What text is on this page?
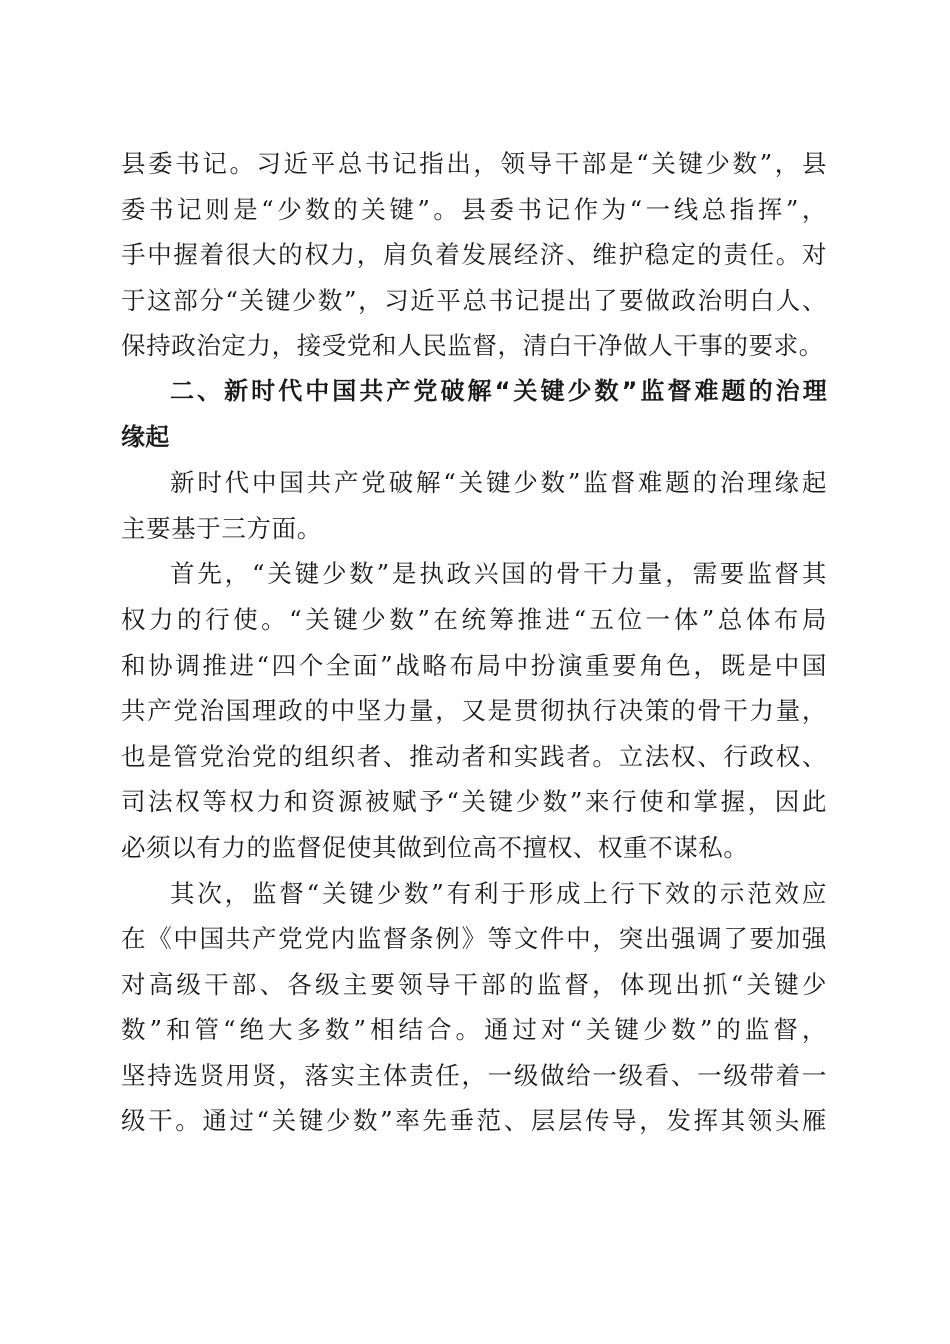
县委书记。习近平总书记指出，领导干部是“关键少数”，县
委书记则是“少数的关键”。县委书记作为“一线总指挥”，
手中握着很大的权力，肩负着发展经济、维护稳定的责任。对
于这部分“关键少数”，习近平总书记提出了要做政治明白人、
保持政治定力，接受党和人民监督，清白干净做人干事的要求。
二、新时代中国共产党破解“关键少数”监督难题的治理
缘起
新时代中国共产党破解“关键少数”监督难题的治理缘起
主要基于三方面。
首先，“关键少数”是执政兴国的骨干力量，需要监督其
权力的行使。“关键少数”在统筹推进“五位一体”总体布局
和协调推进“四个全面”战略布局中扮演重要角色，既是中国
共产党治国理政的中坚力量，又是贯彻执行决策的骨干力量，
也是管党治党的组织者、推动者和实践者。立法权、行政权、
司法权等权力和资源被赋予“关键少数”来行使和掌握，因此
必须以有力的监督促使其做到位高不擅权、权重不谋私。
其次，监督“关键少数”有利于形成上行下效的示范效应
在《中国共产党党内监督条例》等文件中，突出强调了要加强
对高级干部、各级主要领导干部的监督，体现出抓“关键少
数”和管“绝大多数”相结合。通过对“关键少数”的监督，
坚持选贤用贤，落实主体责任，一级做给一级看、一级带着一
级干。通过“关键少数”率先垂范、层层传导，发挥其领头雁
